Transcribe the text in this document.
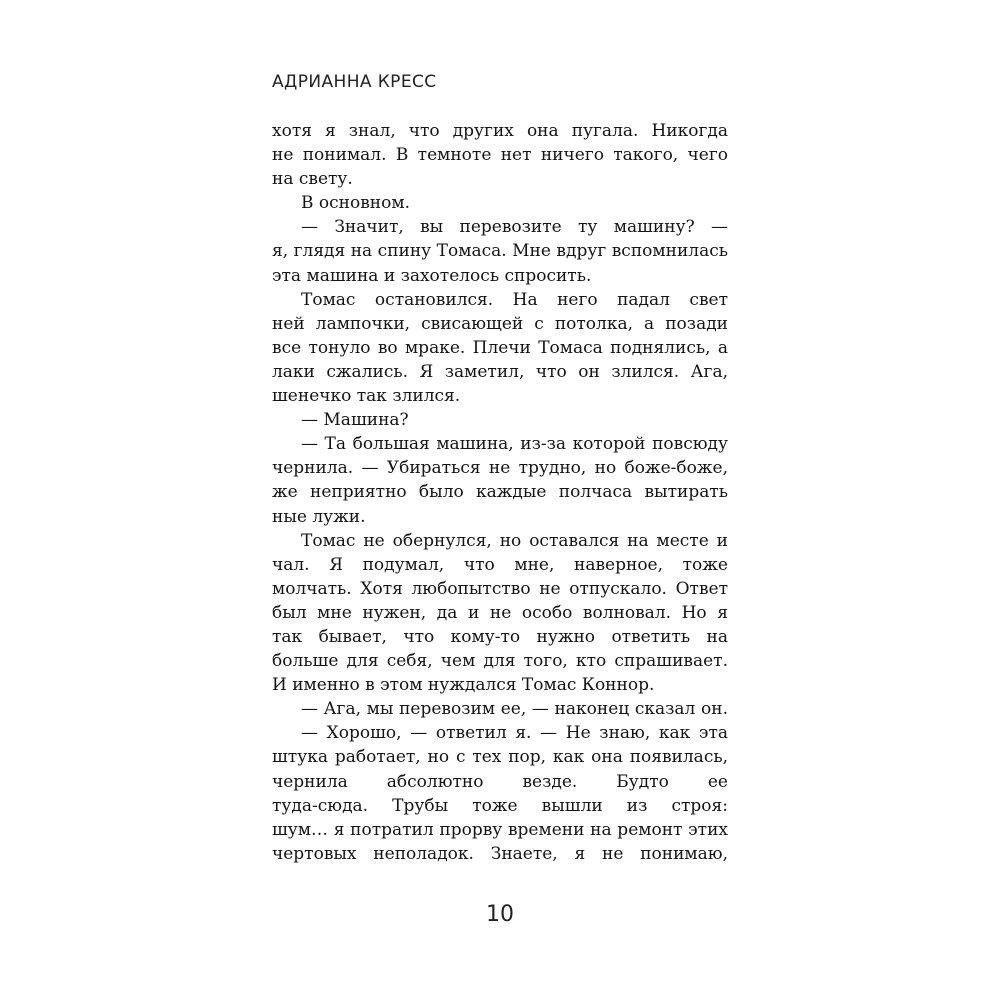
АДРИАННА КРЕСС
хотя я знал, что других она пугала. Никогда
не понимал. В темноте нет ничего такого, чего
на свету.
В основном.
— Значит, вы перевозите ту машину? —
я, глядя на спину Томаса. Мне вдруг вспомнилась
эта машина и захотелось спросить.
Томас остановился. На него падал свет
ней лампочки, свисающей с потолка, а позади
все тонуло во мраке. Плечи Томаса поднялись, а
лаки сжались. Я заметил, что он злился. Ага,
шенечко так злился.
— Машина?
— Та большая машина, из-за которой повсюду
чернила. — Убираться не трудно, но боже-боже,
же неприятно было каждые полчаса вытирать
ные лужи.
Томас не обернулся, но оставался на месте и
чал. Я подумал, что мне, наверное, тоже
молчать. Хотя любопытство не отпускало. Ответ
был мне нужен, да и не особо волновал. Но я
так бывает, что кому-то нужно ответить на
больше для себя, чем для того, кто спрашивает.
И именно в этом нуждался Томас Коннор.
— Ага, мы перевозим ее, — наконец сказал он.
— Хорошо, — ответил я. — Не знаю, как эта
штука работает, но с тех пор, как она появилась,
чернила абсолютно везде. Будто ее
туда-сюда. Трубы тоже вышли из строя:
шум… я потратил прорву времени на ремонт этих
чертовых неполадок. Знаете, я не понимаю,
10
